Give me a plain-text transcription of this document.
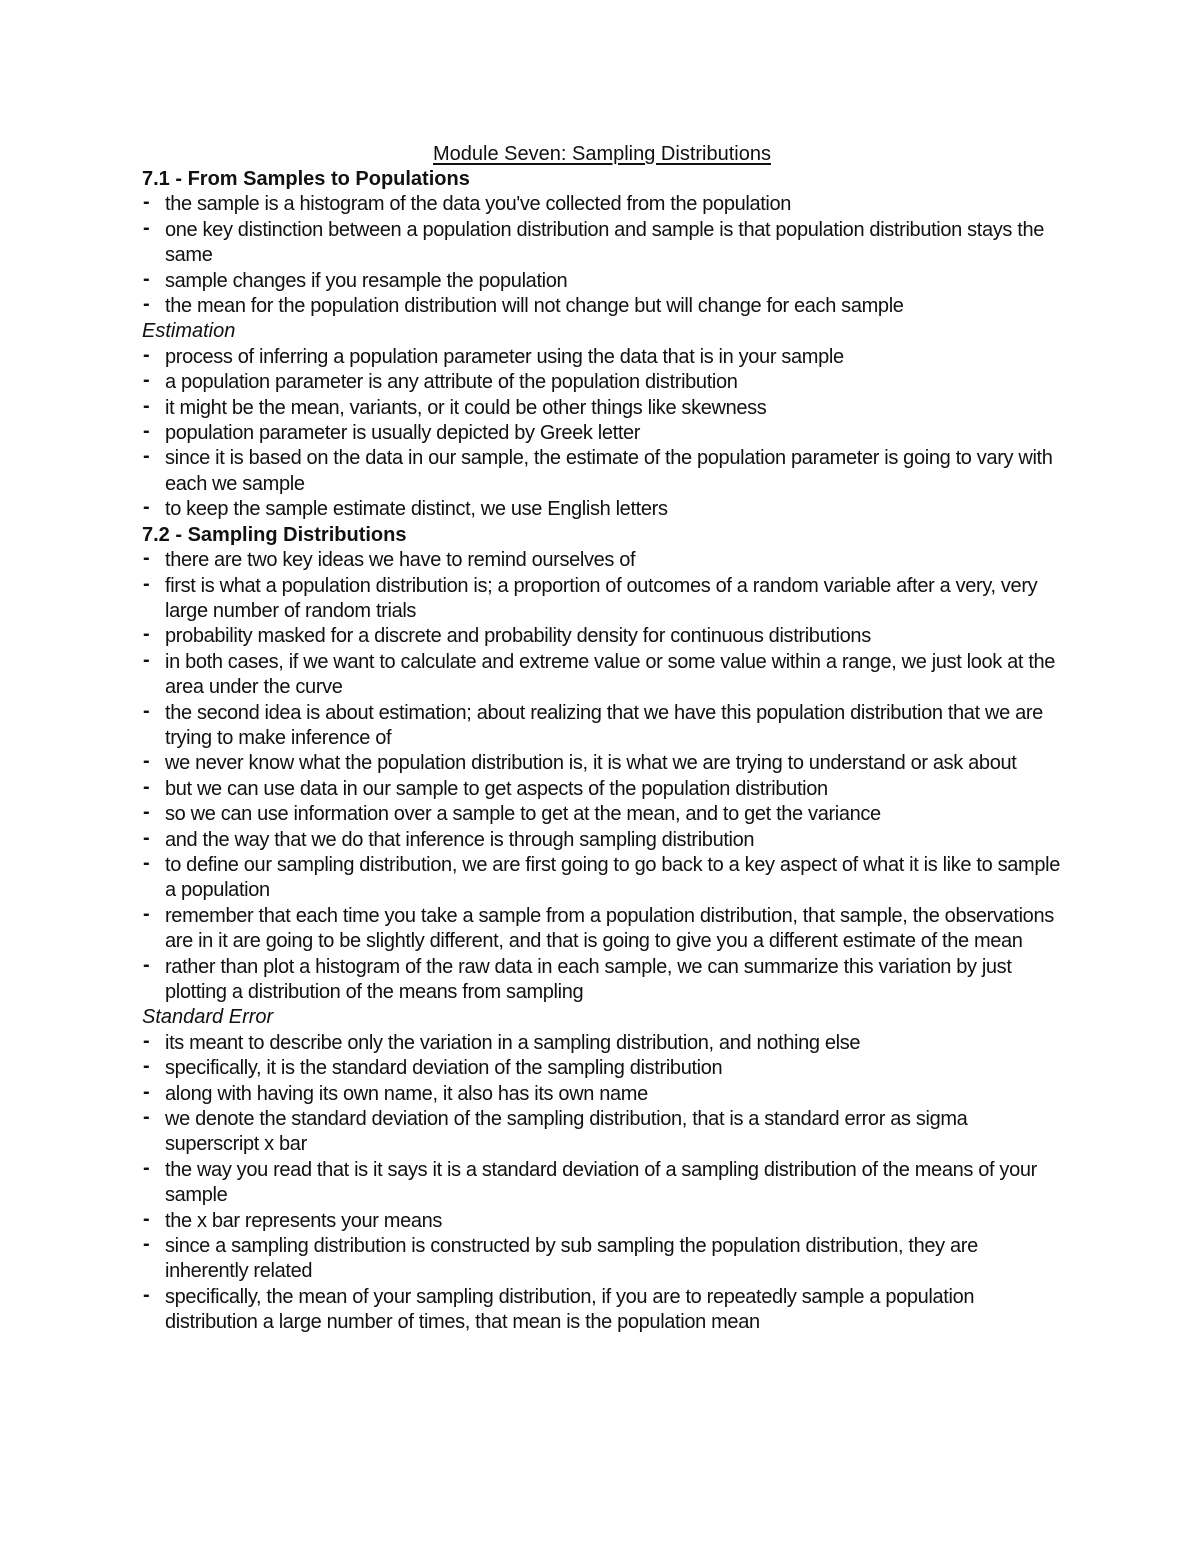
Module Seven: Sampling Distributions
7.1 - From Samples to Populations
- the sample is a histogram of the data you've collected from the population
- one key distinction between a population distribution and sample is that population distribution stays the same
- sample changes if you resample the population
- the mean for the population distribution will not change but will change for each sample
Estimation
- process of inferring a population parameter using the data that is in your sample
- a population parameter is any attribute of the population distribution
- it might be the mean, variants, or it could be other things like skewness
- population parameter is usually depicted by Greek letter
- since it is based on the data in our sample, the estimate of the population parameter is going to vary with each we sample
- to keep the sample estimate distinct, we use English letters
7.2 - Sampling Distributions
- there are two key ideas we have to remind ourselves of
- first is what a population distribution is; a proportion of outcomes of a random variable after a very, very large number of random trials
- probability masked for a discrete and probability density for continuous distributions
- in both cases, if we want to calculate and extreme value or some value within a range, we just look at the area under the curve
- the second idea is about estimation; about realizing that we have this population distribution that we are trying to make inference of
- we never know what the population distribution is, it is what we are trying to understand or ask about
- but we can use data in our sample to get aspects of the population distribution
- so we can use information over a sample to get at the mean, and to get the variance
- and the way that we do that inference is through sampling distribution
- to define our sampling distribution, we are first going to go back to a key aspect of what it is like to sample a population
- remember that each time you take a sample from a population distribution, that sample, the observations are in it are going to be slightly different, and that is going to give you a different estimate of the mean
- rather than plot a histogram of the raw data in each sample, we can summarize this variation by just plotting a distribution of the means from sampling
Standard Error
- its meant to describe only the variation in a sampling distribution, and nothing else
- specifically, it is the standard deviation of the sampling distribution
- along with having its own name, it also has its own name
- we denote the standard deviation of the sampling distribution, that is a standard error as sigma superscript x bar
- the way you read that is it says it is a standard deviation of a sampling distribution of the means of your sample
- the x bar represents your means
- since a sampling distribution is constructed by sub sampling the population distribution, they are inherently related
- specifically, the mean of your sampling distribution, if you are to repeatedly sample a population distribution a large number of times, that mean is the population mean
